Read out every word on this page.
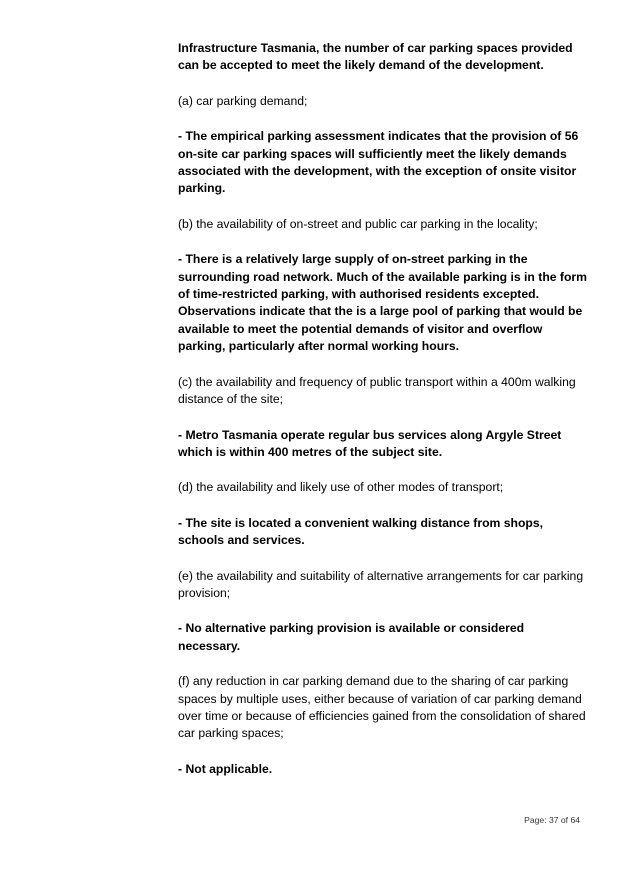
Infrastructure Tasmania, the number of car parking spaces provided can be accepted to meet the likely demand of the development.

(a) car parking demand;

- The empirical parking assessment indicates that the provision of 56 on-site car parking spaces will sufficiently meet the likely demands associated with the development, with the exception of onsite visitor parking.

(b) the availability of on-street and public car parking in the locality;

- There is a relatively large supply of on-street parking in the surrounding road network. Much of the available parking is in the form of time-restricted parking, with authorised residents excepted. Observations indicate that the is a large pool of parking that would be available to meet the potential demands of visitor and overflow parking, particularly after normal working hours.

(c) the availability and frequency of public transport within a 400m walking distance of the site;

- Metro Tasmania operate regular bus services along Argyle Street which is within 400 metres of the subject site.

(d) the availability and likely use of other modes of transport;

- The site is located a convenient walking distance from shops, schools and services.

(e) the availability and suitability of alternative arrangements for car parking provision;

- No alternative parking provision is available or considered necessary.

(f) any reduction in car parking demand due to the sharing of car parking spaces by multiple uses, either because of variation of car parking demand over time or because of efficiencies gained from the consolidation of shared car parking spaces;

- Not applicable.

Page: 37 of 64
